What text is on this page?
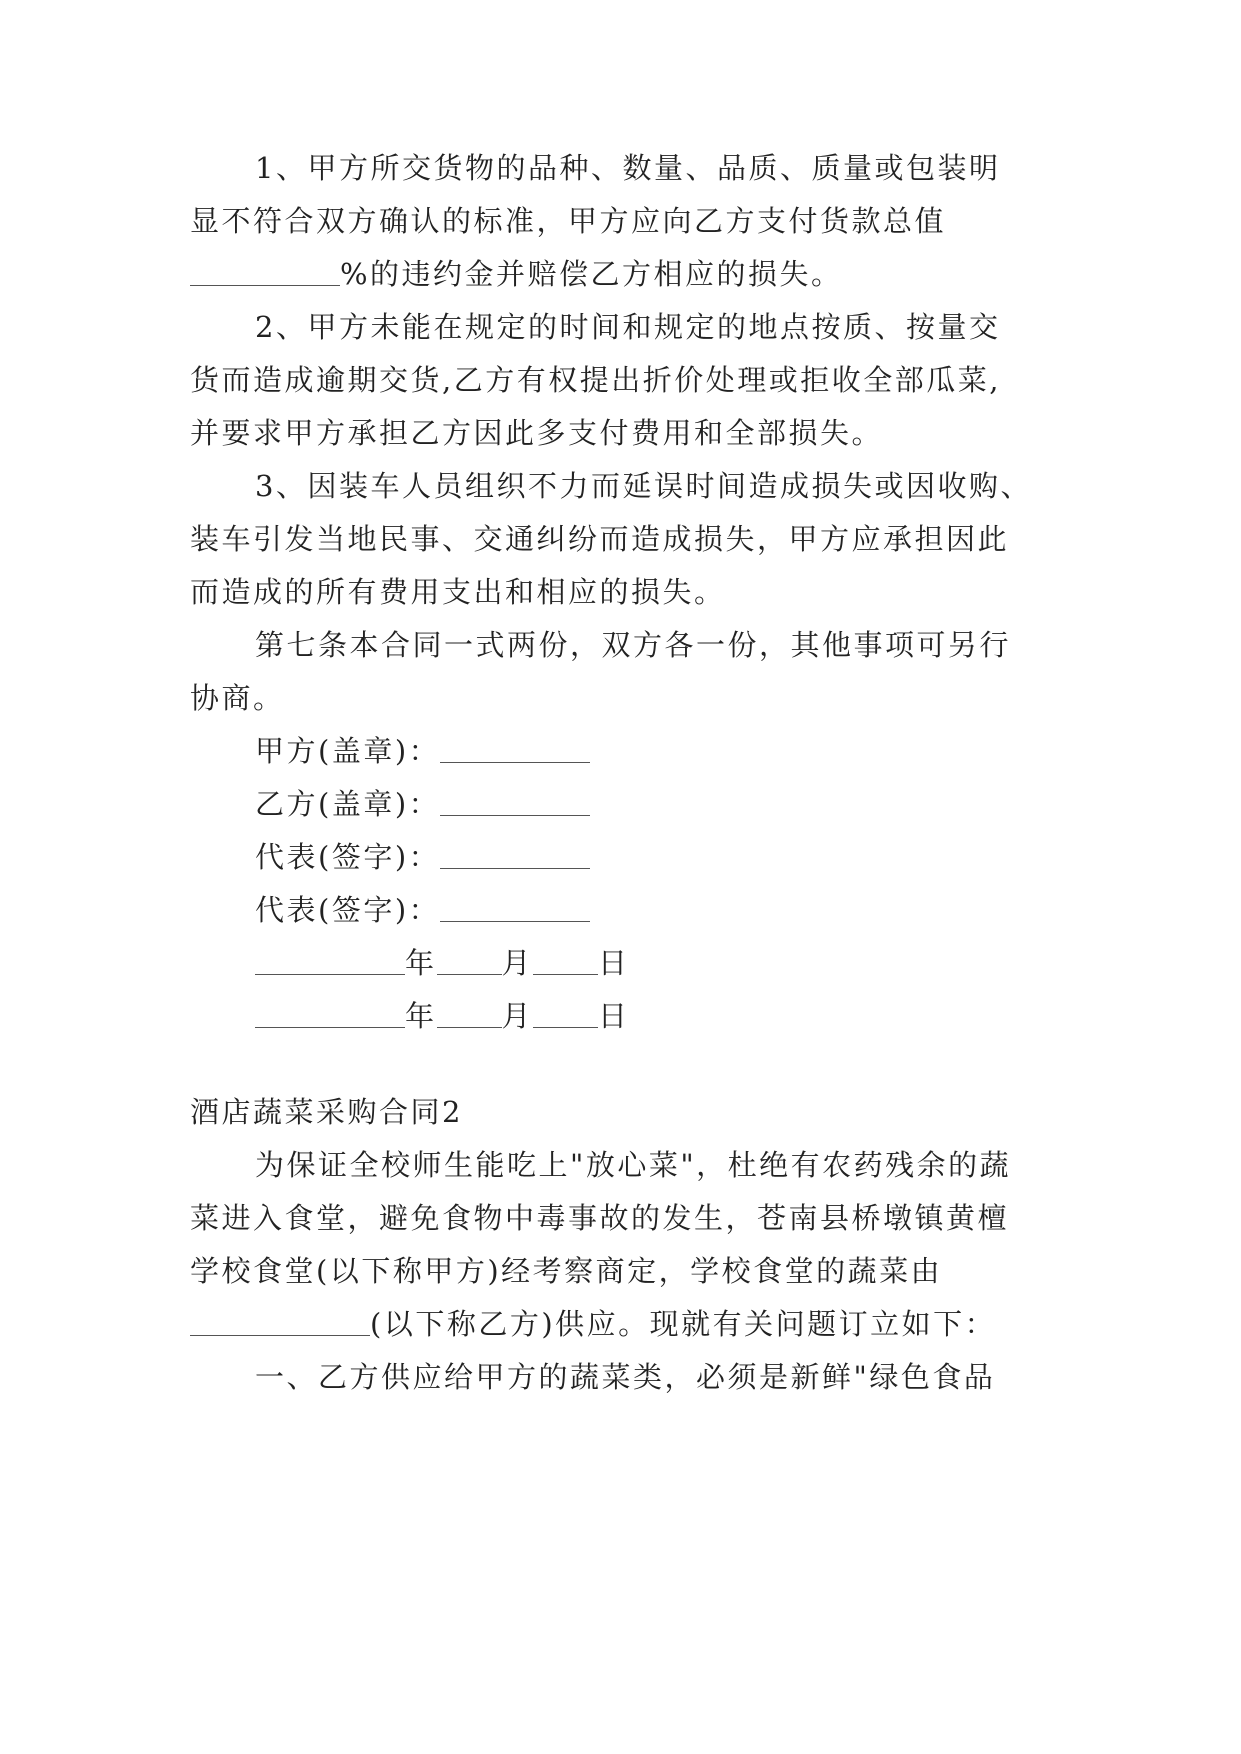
1、甲方所交货物的品种、数量、品质、质量或包装明
显不符合双方确认的标准，甲方应向乙方支付货款总值
%的违约金并赔偿乙方相应的损失。
2、甲方未能在规定的时间和规定的地点按质、按量交
货而造成逾期交货,乙方有权提出折价处理或拒收全部瓜菜,
并要求甲方承担乙方因此多支付费用和全部损失。
3、因装车人员组织不力而延误时间造成损失或因收购、
装车引发当地民事、交通纠纷而造成损失，甲方应承担因此
而造成的所有费用支出和相应的损失。
第七条本合同一式两份，双方各一份，其他事项可另行
协商。
甲方(盖章)：
乙方(盖章)：
代表(签字)：
代表(签字)：
年 月 日
年 月 日
酒店蔬菜采购合同2
为保证全校师生能吃上"放心菜"，杜绝有农药残余的蔬
菜进入食堂，避免食物中毒事故的发生，苍南县桥墩镇黄檀
学校食堂(以下称甲方)经考察商定，学校食堂的蔬菜由
(以下称乙方)供应。现就有关问题订立如下：
一、乙方供应给甲方的蔬菜类，必须是新鲜"绿色食品
